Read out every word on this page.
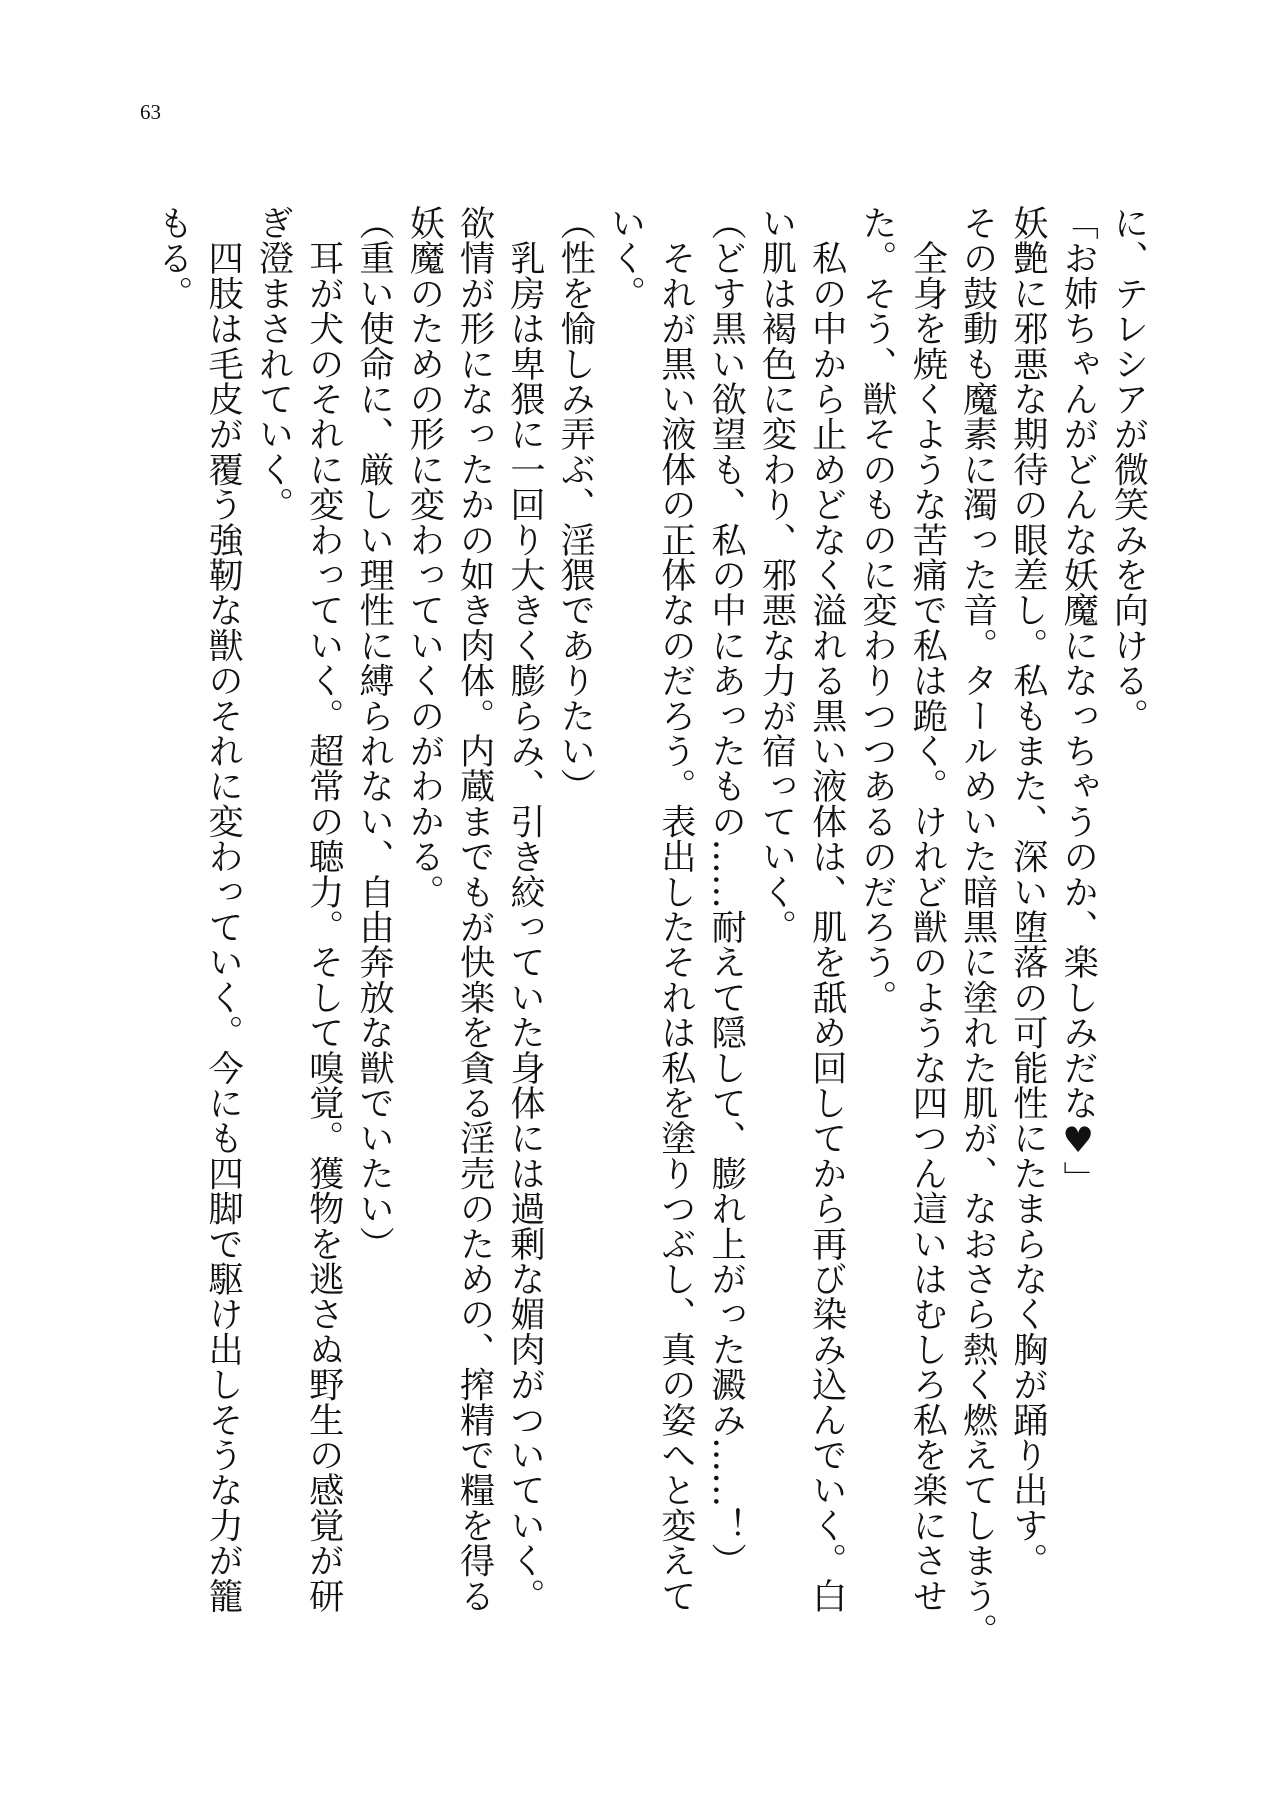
63
に、テレシアが微笑みを向ける。
「お姉ちゃんがどんな妖魔になっちゃうのか、楽しみだな♥」
妖艶に邪悪な期待の眼差し。私もまた、深い堕落の可能性にたまらなく胸が踊り出す。
その鼓動も魔素に濁った音。タールめいた暗黒に塗れた肌が、なおさら熱く燃えてしまう。
　全身を焼くような苦痛で私は跪く。けれど獣のような四つん這いはむしろ私を楽にさせ
た。そう、獣そのものに変わりつつあるのだろう。
　私の中から止めどなく溢れる黒い液体は、肌を舐め回してから再び染み込んでいく。白
い肌は褐色に変わり、邪悪な力が宿っていく。
（どす黒い欲望も、私の中にあったもの……耐えて隠して、膨れ上がった澱み……！）
　それが黒い液体の正体なのだろう。表出したそれは私を塗りつぶし、真の姿へと変えて
いく。
（性を愉しみ弄ぶ、淫猥でありたい）
　乳房は卑猥に一回り大きく膨らみ、引き絞っていた身体には過剰な媚肉がついていく。
欲情が形になったかの如き肉体。内蔵までもが快楽を貪る淫売のための、搾精で糧を得る
妖魔のための形に変わっていくのがわかる。
（重い使命に、厳しい理性に縛られない、自由奔放な獣でいたい）
　耳が犬のそれに変わっていく。超常の聴力。そして嗅覚。獲物を逃さぬ野生の感覚が研
ぎ澄まされていく。
　四肢は毛皮が覆う強靭な獣のそれに変わっていく。今にも四脚で駆け出しそうな力が籠
もる。
